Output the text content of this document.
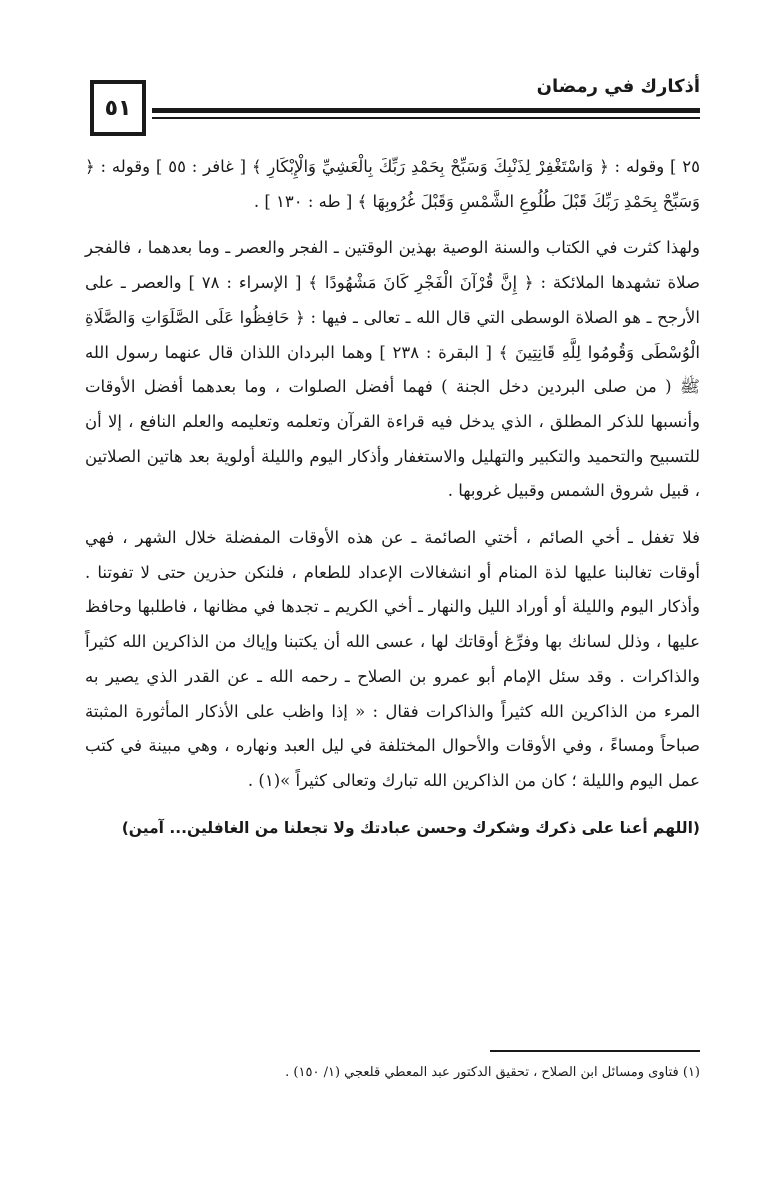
٥١
أذكارك في رمضان

٢٥ ] وقوله : ﴿ وَاسْتَغْفِرْ لِذَنْبِكَ وَسَبِّحْ بِحَمْدِ رَبِّكَ بِالْعَشِيِّ وَالْإِبْكَارِ ﴾ [ غافر : ٥٥ ] وقوله : ﴿ وَسَبِّحْ بِحَمْدِ رَبِّكَ قَبْلَ طُلُوعِ الشَّمْسِ وَقَبْلَ غُرُوبِهَا ﴾ [ طه : ١٣٠ ] .

ولهذا كثرت في الكتاب والسنة الوصية بهذين الوقتين ـ الفجر والعصر ـ وما بعدهما ، فالفجر صلاة تشهدها الملائكة : ﴿ إِنَّ قُرْآنَ الْفَجْرِ كَانَ مَشْهُودًا ﴾ [ الإسراء : ٧٨ ] والعصر ـ على الأرجح ـ هو الصلاة الوسطى التي قال الله ـ تعالى ـ فيها : ﴿ حَافِظُوا عَلَى الصَّلَوَاتِ وَالصَّلَاةِ الْوُسْطَى وَقُومُوا لِلَّهِ قَانِتِينَ ﴾ [ البقرة : ٢٣٨ ] وهما البردان اللذان قال عنهما رسول الله ﷺ ( من صلى البردين دخل الجنة ) فهما أفضل الصلوات ، وما بعدهما أفضل الأوقات وأنسبها للذكر المطلق ، الذي يدخل فيه قراءة القرآن وتعلمه وتعليمه والعلم النافع ، إلا أن للتسبيح والتحميد والتكبير والتهليل والاستغفار وأذكار اليوم والليلة أولوية بعد هاتين الصلاتين ، قبيل شروق الشمس وقبيل غروبها .

فلا تغفل ـ أخي الصائم ، أختي الصائمة ـ عن هذه الأوقات المفضلة خلال الشهر ، فهي أوقات تغالبنا عليها لذة المنام أو انشغالات الإعداد للطعام ، فلنكن حذرين حتى لا تفوتنا . وأذكار اليوم والليلة أو أوراد الليل والنهار ـ أخي الكريم ـ تجدها في مظانها ، فاطلبها وحافظ عليها ، وذلل لسانك بها وفرِّغ أوقاتك لها ، عسى الله أن يكتبنا وإياك من الذاكرين الله كثيراً والذاكرات . وقد سئل الإمام أبو عمرو بن الصلاح ـ رحمه الله ـ عن القدر الذي يصير به المرء من الذاكرين الله كثيراً والذاكرات فقال : « إذا واظب على الأذكار المأثورة المثبتة صباحاً ومساءً ، وفي الأوقات والأحوال المختلفة في ليل العبد ونهاره ، وهي مبينة في كتب عمل اليوم والليلة ؛ كان من الذاكرين الله تبارك وتعالى كثيراً »(١) .

(اللهم أعنا على ذكرك وشكرك وحسن عبادتك ولا تجعلنا من الغافلين... آمين)

(١) فتاوى ومسائل ابن الصلاح ، تحقيق الدكتور عبد المعطي قلعجي (١/ ١٥٠) .
